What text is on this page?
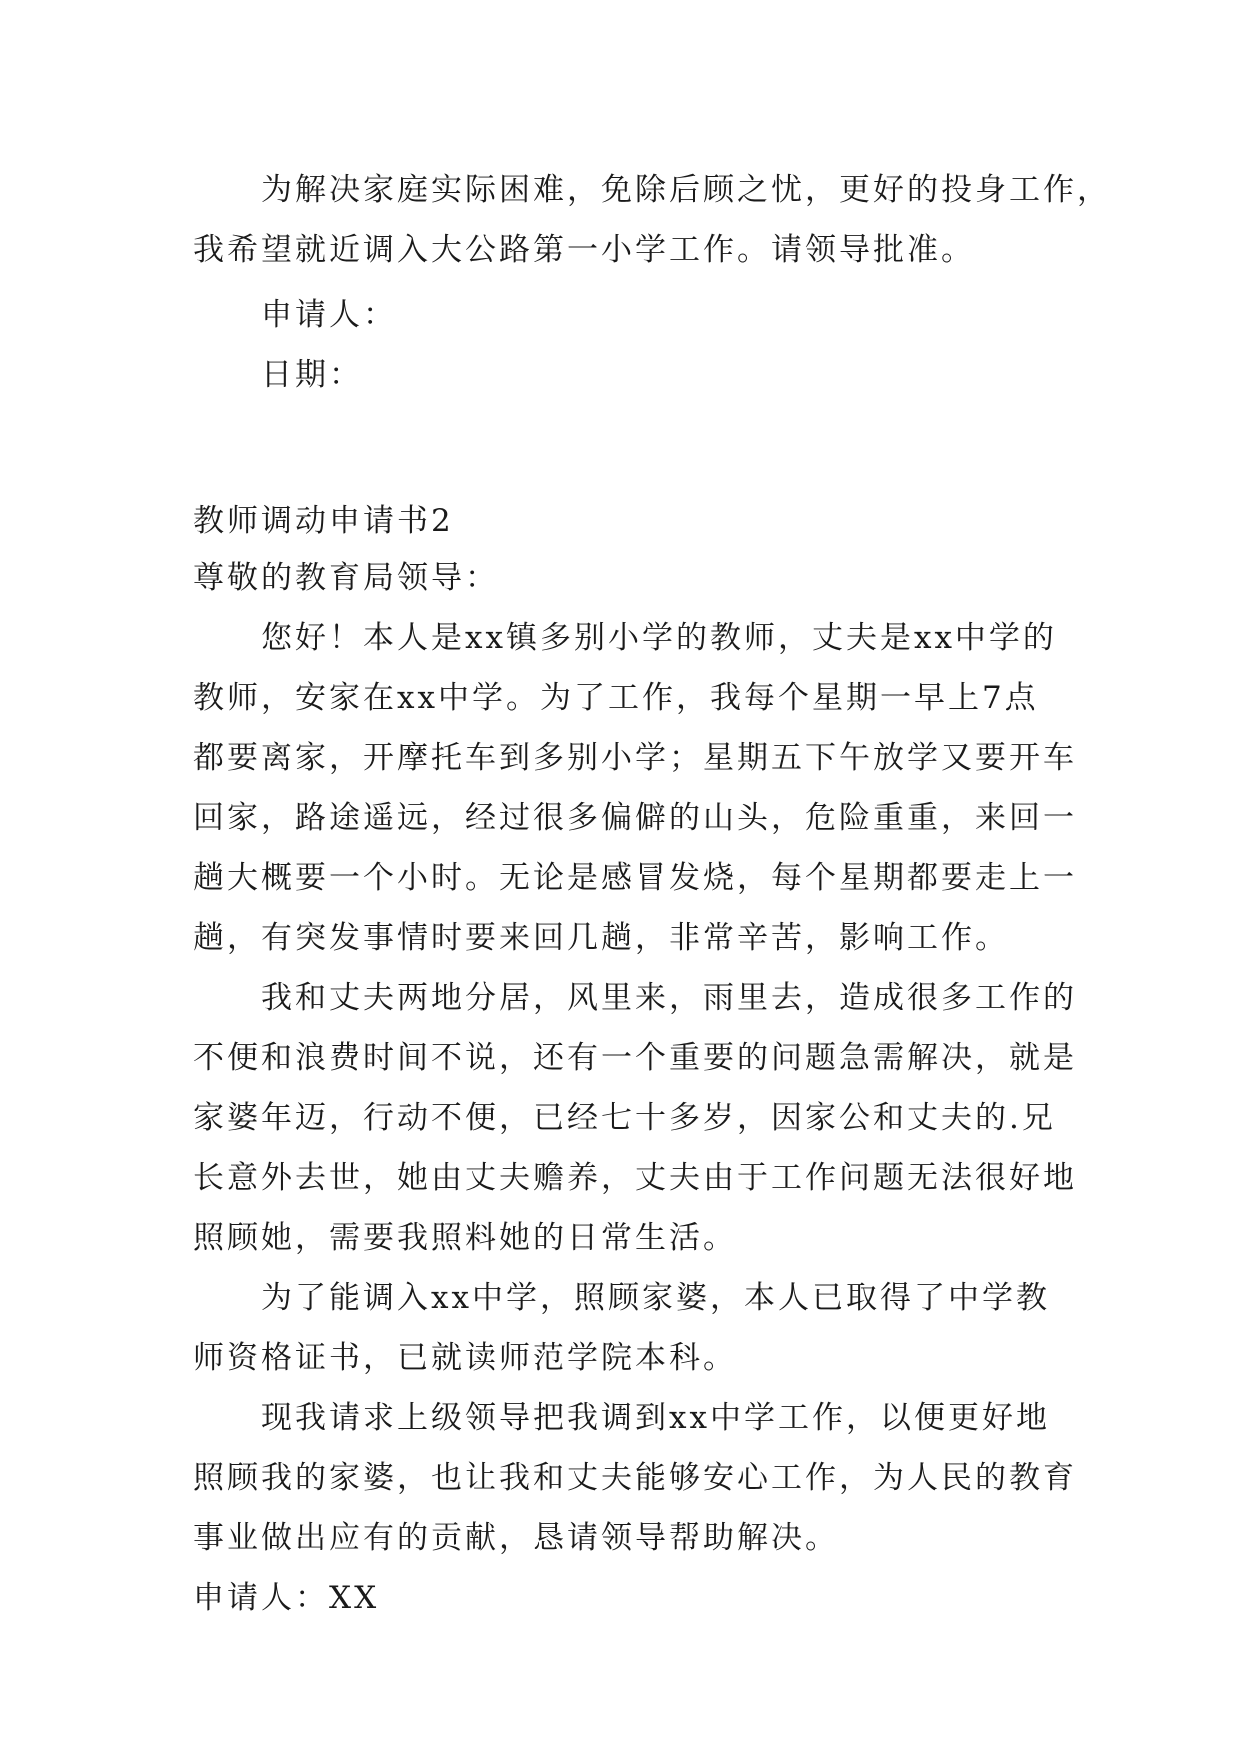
为解决家庭实际困难，免除后顾之忧，更好的投身工作，
我希望就近调入大公路第一小学工作。请领导批准。
申请人：
日期：
教师调动申请书2
尊敬的教育局领导：
您好！本人是xx镇多别小学的教师，丈夫是xx中学的
教师，安家在xx中学。为了工作，我每个星期一早上7点
都要离家，开摩托车到多别小学；星期五下午放学又要开车
回家，路途遥远，经过很多偏僻的山头，危险重重，来回一
趟大概要一个小时。无论是感冒发烧，每个星期都要走上一
趟，有突发事情时要来回几趟，非常辛苦，影响工作。
我和丈夫两地分居，风里来，雨里去，造成很多工作的
不便和浪费时间不说，还有一个重要的问题急需解决，就是
家婆年迈，行动不便，已经七十多岁，因家公和丈夫的.兄
长意外去世，她由丈夫赡养，丈夫由于工作问题无法很好地
照顾她，需要我照料她的日常生活。
为了能调入xx中学，照顾家婆，本人已取得了中学教
师资格证书，已就读师范学院本科。
现我请求上级领导把我调到xx中学工作，以便更好地
照顾我的家婆，也让我和丈夫能够安心工作，为人民的教育
事业做出应有的贡献，恳请领导帮助解决。
申请人：XX
